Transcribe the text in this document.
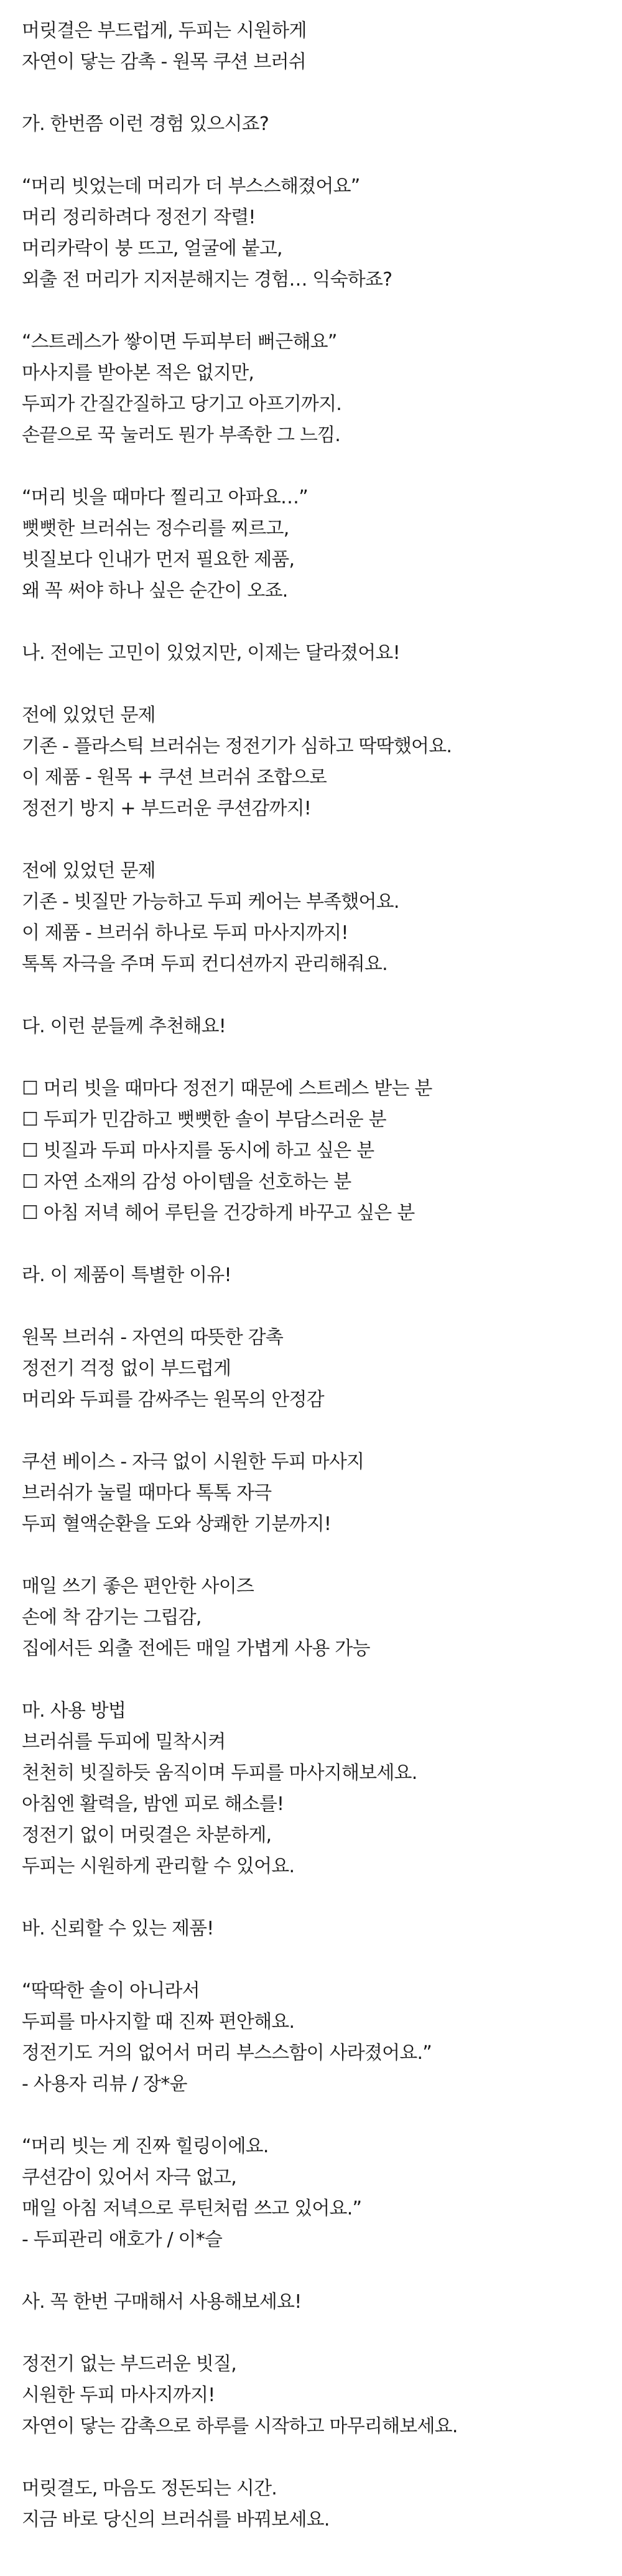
머릿결은 부드럽게, 두피는 시원하게
자연이 닿는 감촉 - 원목 쿠션 브러쉬
가. 한번쯤 이런 경험 있으시죠?
“머리 빗었는데 머리가 더 부스스해졌어요”
머리 정리하려다 정전기 작렬!
머리카락이 붕 뜨고, 얼굴에 붙고,
외출 전 머리가 지저분해지는 경험… 익숙하죠?
“스트레스가 쌓이면 두피부터 뻐근해요”
마사지를 받아본 적은 없지만,
두피가 간질간질하고 당기고 아프기까지.
손끝으로 꾹 눌러도 뭔가 부족한 그 느낌.
“머리 빗을 때마다 찔리고 아파요…”
뻣뻣한 브러쉬는 정수리를 찌르고,
빗질보다 인내가 먼저 필요한 제품,
왜 꼭 써야 하나 싶은 순간이 오죠.
나. 전에는 고민이 있었지만, 이제는 달라졌어요!
전에 있었던 문제
기존 - 플라스틱 브러쉬는 정전기가 심하고 딱딱했어요.
이 제품 - 원목 + 쿠션 브러쉬 조합으로
정전기 방지 + 부드러운 쿠션감까지!
전에 있었던 문제
기존 - 빗질만 가능하고 두피 케어는 부족했어요.
이 제품 - 브러쉬 하나로 두피 마사지까지!
톡톡 자극을 주며 두피 컨디션까지 관리해줘요.
다. 이런 분들께 추천해요!
☐ 머리 빗을 때마다 정전기 때문에 스트레스 받는 분
☐ 두피가 민감하고 뻣뻣한 솔이 부담스러운 분
☐ 빗질과 두피 마사지를 동시에 하고 싶은 분
☐ 자연 소재의 감성 아이템을 선호하는 분
☐ 아침 저녁 헤어 루틴을 건강하게 바꾸고 싶은 분
라. 이 제품이 특별한 이유!
원목 브러쉬 - 자연의 따뜻한 감촉
정전기 걱정 없이 부드럽게
머리와 두피를 감싸주는 원목의 안정감
쿠션 베이스 - 자극 없이 시원한 두피 마사지
브러쉬가 눌릴 때마다 톡톡 자극
두피 혈액순환을 도와 상쾌한 기분까지!
매일 쓰기 좋은 편안한 사이즈
손에 착 감기는 그립감,
집에서든 외출 전에든 매일 가볍게 사용 가능
마. 사용 방법
브러쉬를 두피에 밀착시켜
천천히 빗질하듯 움직이며 두피를 마사지해보세요.
아침엔 활력을, 밤엔 피로 해소를!
정전기 없이 머릿결은 차분하게,
두피는 시원하게 관리할 수 있어요.
바. 신뢰할 수 있는 제품!
“딱딱한 솔이 아니라서
두피를 마사지할 때 진짜 편안해요.
정전기도 거의 없어서 머리 부스스함이 사라졌어요.”
- 사용자 리뷰 / 장*윤
“머리 빗는 게 진짜 힐링이에요.
쿠션감이 있어서 자극 없고,
매일 아침 저녁으로 루틴처럼 쓰고 있어요.”
- 두피관리 애호가 / 이*슬
사. 꼭 한번 구매해서 사용해보세요!
정전기 없는 부드러운 빗질,
시원한 두피 마사지까지!
자연이 닿는 감촉으로 하루를 시작하고 마무리해보세요.
머릿결도, 마음도 정돈되는 시간.
지금 바로 당신의 브러쉬를 바꿔보세요.
